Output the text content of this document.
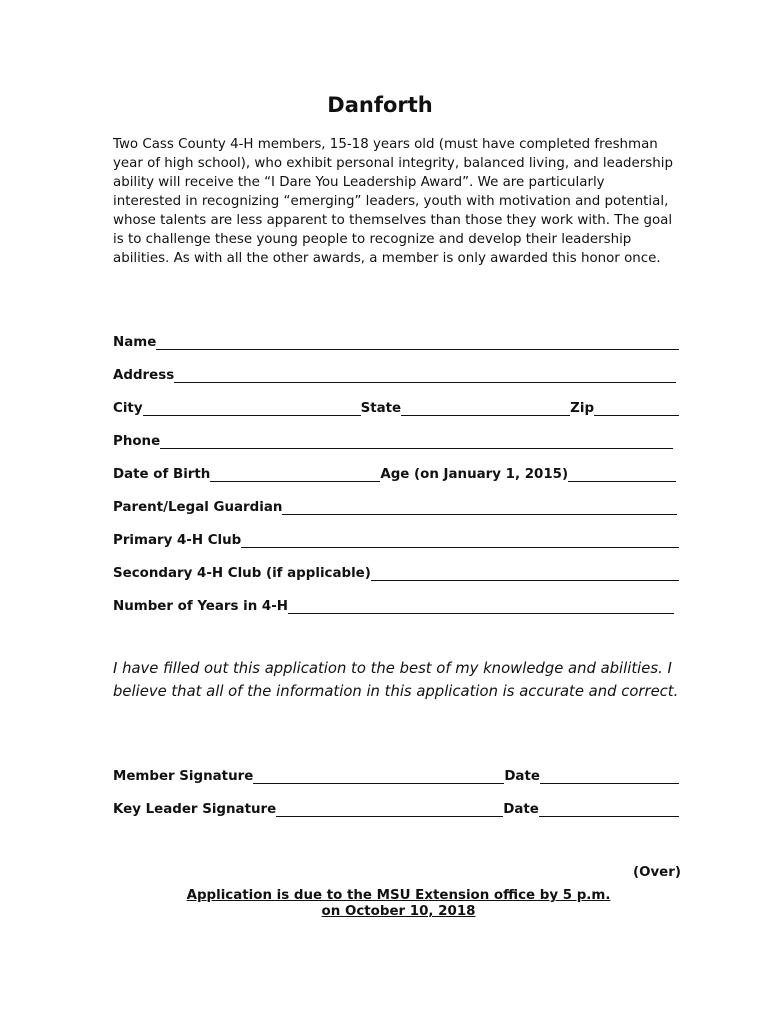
Danforth

Two Cass County 4-H members, 15-18 years old (must have completed freshman year of high school), who exhibit personal integrity, balanced living, and leadership ability will receive the “I Dare You Leadership Award”. We are particularly interested in recognizing “emerging” leaders, youth with motivation and potential, whose talents are less apparent to themselves than those they work with. The goal is to challenge these young people to recognize and develop their leadership abilities. As with all the other awards, a member is only awarded this honor once.

Name
Address
City	State	Zip
Phone
Date of Birth	Age (on January 1, 2015)
Parent/Legal Guardian
Primary 4-H Club
Secondary 4-H Club (if applicable)
Number of Years in 4-H

I have filled out this application to the best of my knowledge and abilities. I believe that all of the information in this application is accurate and correct.

Member Signature	Date
Key Leader Signature	Date
(Over)
Application is due to the MSU Extension office by 5 p.m.
on October 10, 2018
